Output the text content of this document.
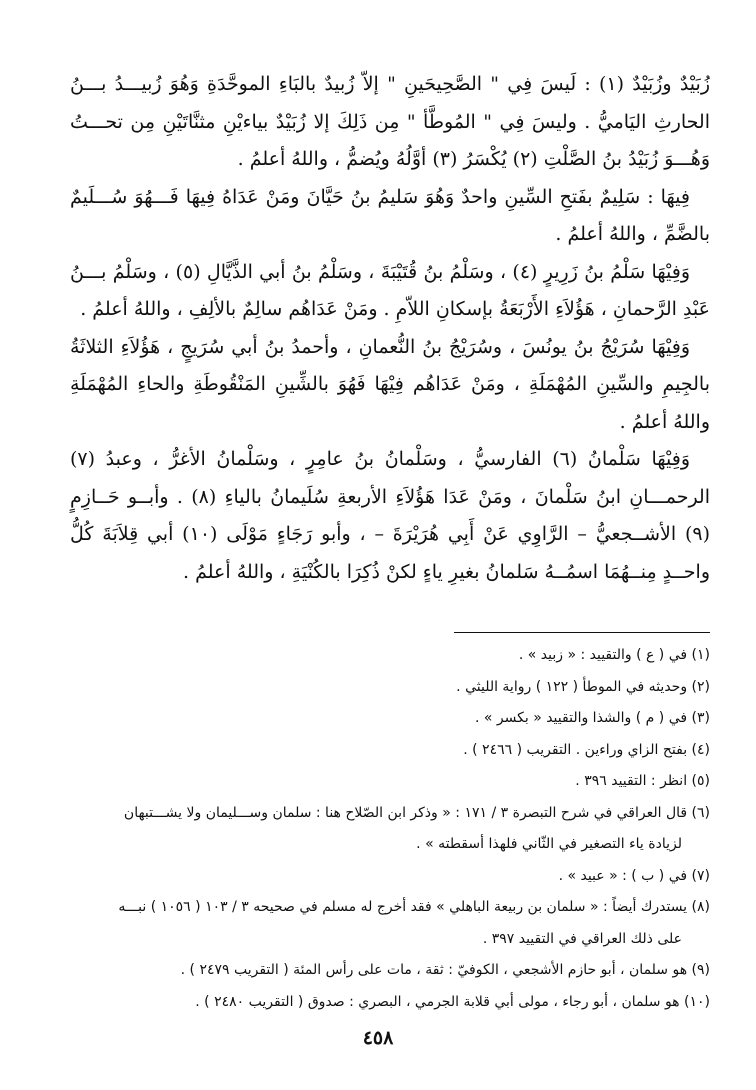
زُبَيْدٌ وزُبَيْدٌ (١) : لَيسَ فِي " الصَّحِيحَينِ " إلاّ زُبيدٌ بالبَاءِ الموحَّدَةِ وَهُوَ زُبيـــدُ بـــنُ الحارثِ اليَاميُّ . وليسَ فِي " المُوطَّأ " مِن ذَلِكَ إلا زُبَيْدٌ بياءيْنِ مثنَّاتَيْنِ مِن تحـــتُ وَهُـــوَ زُبَيْدُ بنُ الصَّلْتِ (٢) يُكْسَرُ (٣) أوَّلُهُ ويُضمُّ ، واللهُ أعلمُ .

فِيهَا : سَلِيمٌ بفَتحِ السِّينِ واحدٌ وَهُوَ سَليمُ بنُ حَيَّانَ ومَنْ عَدَاهُ فِيهَا فَـــهُوَ سُـــلَيمٌ بالضَّمِّ ، واللهُ أعلمُ .

وَفِيْهَا سَلْمُ بنُ زَرِيرٍ (٤) ، وسَلْمُ بنُ قُتَيْبَةَ ، وسَلْمُ بنُ أبي الذَّيَّالِ (٥) ، وسَلْمُ بـــنُ عَبْدِ الرَّحمانِ ، هَؤُلاَءِ الأَرْبَعَةُ بإسكانِ اللاّمِ . ومَنْ عَدَاهُم سالِمٌ بالألِفِ ، واللهُ أعلمُ .

وَفِيْهَا سُرَيْجُ بنُ يونُسَ ، وسُرَيْجُ بنُ النُّعمانِ ، وأحمدُ بنُ أبي سُرَيجٍ ، هَؤُلاَءِ الثلاثَةُ بالجِيمِ والسِّينِ المُهْمَلَةِ ، ومَنْ عَدَاهُم فِيْهَا فَهُوَ بالشِّينِ المَنْقُوطَةِ والحاءِ المُهْمَلَةِ واللهُ أعلمُ .

وَفِيْهَا سَلْمانُ (٦) الفارسيُّ ، وسَلْمانُ بنُ عامِرٍ ، وسَلْمانُ الأغرُّ ، وعبدُ (٧) الرحمـــانِ ابنُ سَلْمانَ ، ومَنْ عَدَا هَؤُلاَءِ الأربعةِ سُلَيمانُ بالياءِ (٨) . وأبــو حَــازِمٍ (٩) الأشــجعيُّ – الرَّاوِي عَنْ أَبِي هُرَيْرَةَ – ، وأبو رَجَاءٍ مَوْلَى (١٠) أبي قِلاَبَةَ كُلُّ واحــدٍ مِنــهُمَا اسمُــهُ سَلمانُ بغيرِ ياءٍ لكنْ ذُكِرَا بالكُنْيَةِ ، واللهُ أعلمُ .

(١) في ( ع ) والتقييد : « زبيد » .

(٢) وحديثه في الموطأ ( ١٢٢ ) رواية الليثي .

(٣) في ( م ) والشذا والتقييد « بكسر » .

(٤) بفتح الزاي وراءين . التقريب ( ٢٤٦٦ ) .

(٥) انظر : التقييد ٣٩٦ .

(٦) قال العراقي في شرح التبصرة ٣ / ١٧١ : « وذكر ابن الصّلاح هنا : سلمان وســـليمان ولا يشـــتبهان

لزيادة ياء التصغير في الثّاني فلهذا أسقطته » .

(٧) في ( ب ) : « عبيد » .

(٨) يستدرك أيضاً : « سلمان بن ربيعة الباهلي » فقد أخرج له مسلم في صحيحه ٣ / ١٠٣ ( ١٠٥٦ ) نبـــه

على ذلك العراقي في التقييد ٣٩٧ .

(٩) هو سلمان ، أبو حازم الأشجعي ، الكوفيّ : ثقة ، مات على رأس المئة ( التقريب ٢٤٧٩ ) .

(١٠) هو سلمان ، أبو رجاء ، مولى أبي قلابة الجرمي ، البصري : صدوق ( التقريب ٢٤٨٠ ) .

٤٥٨
